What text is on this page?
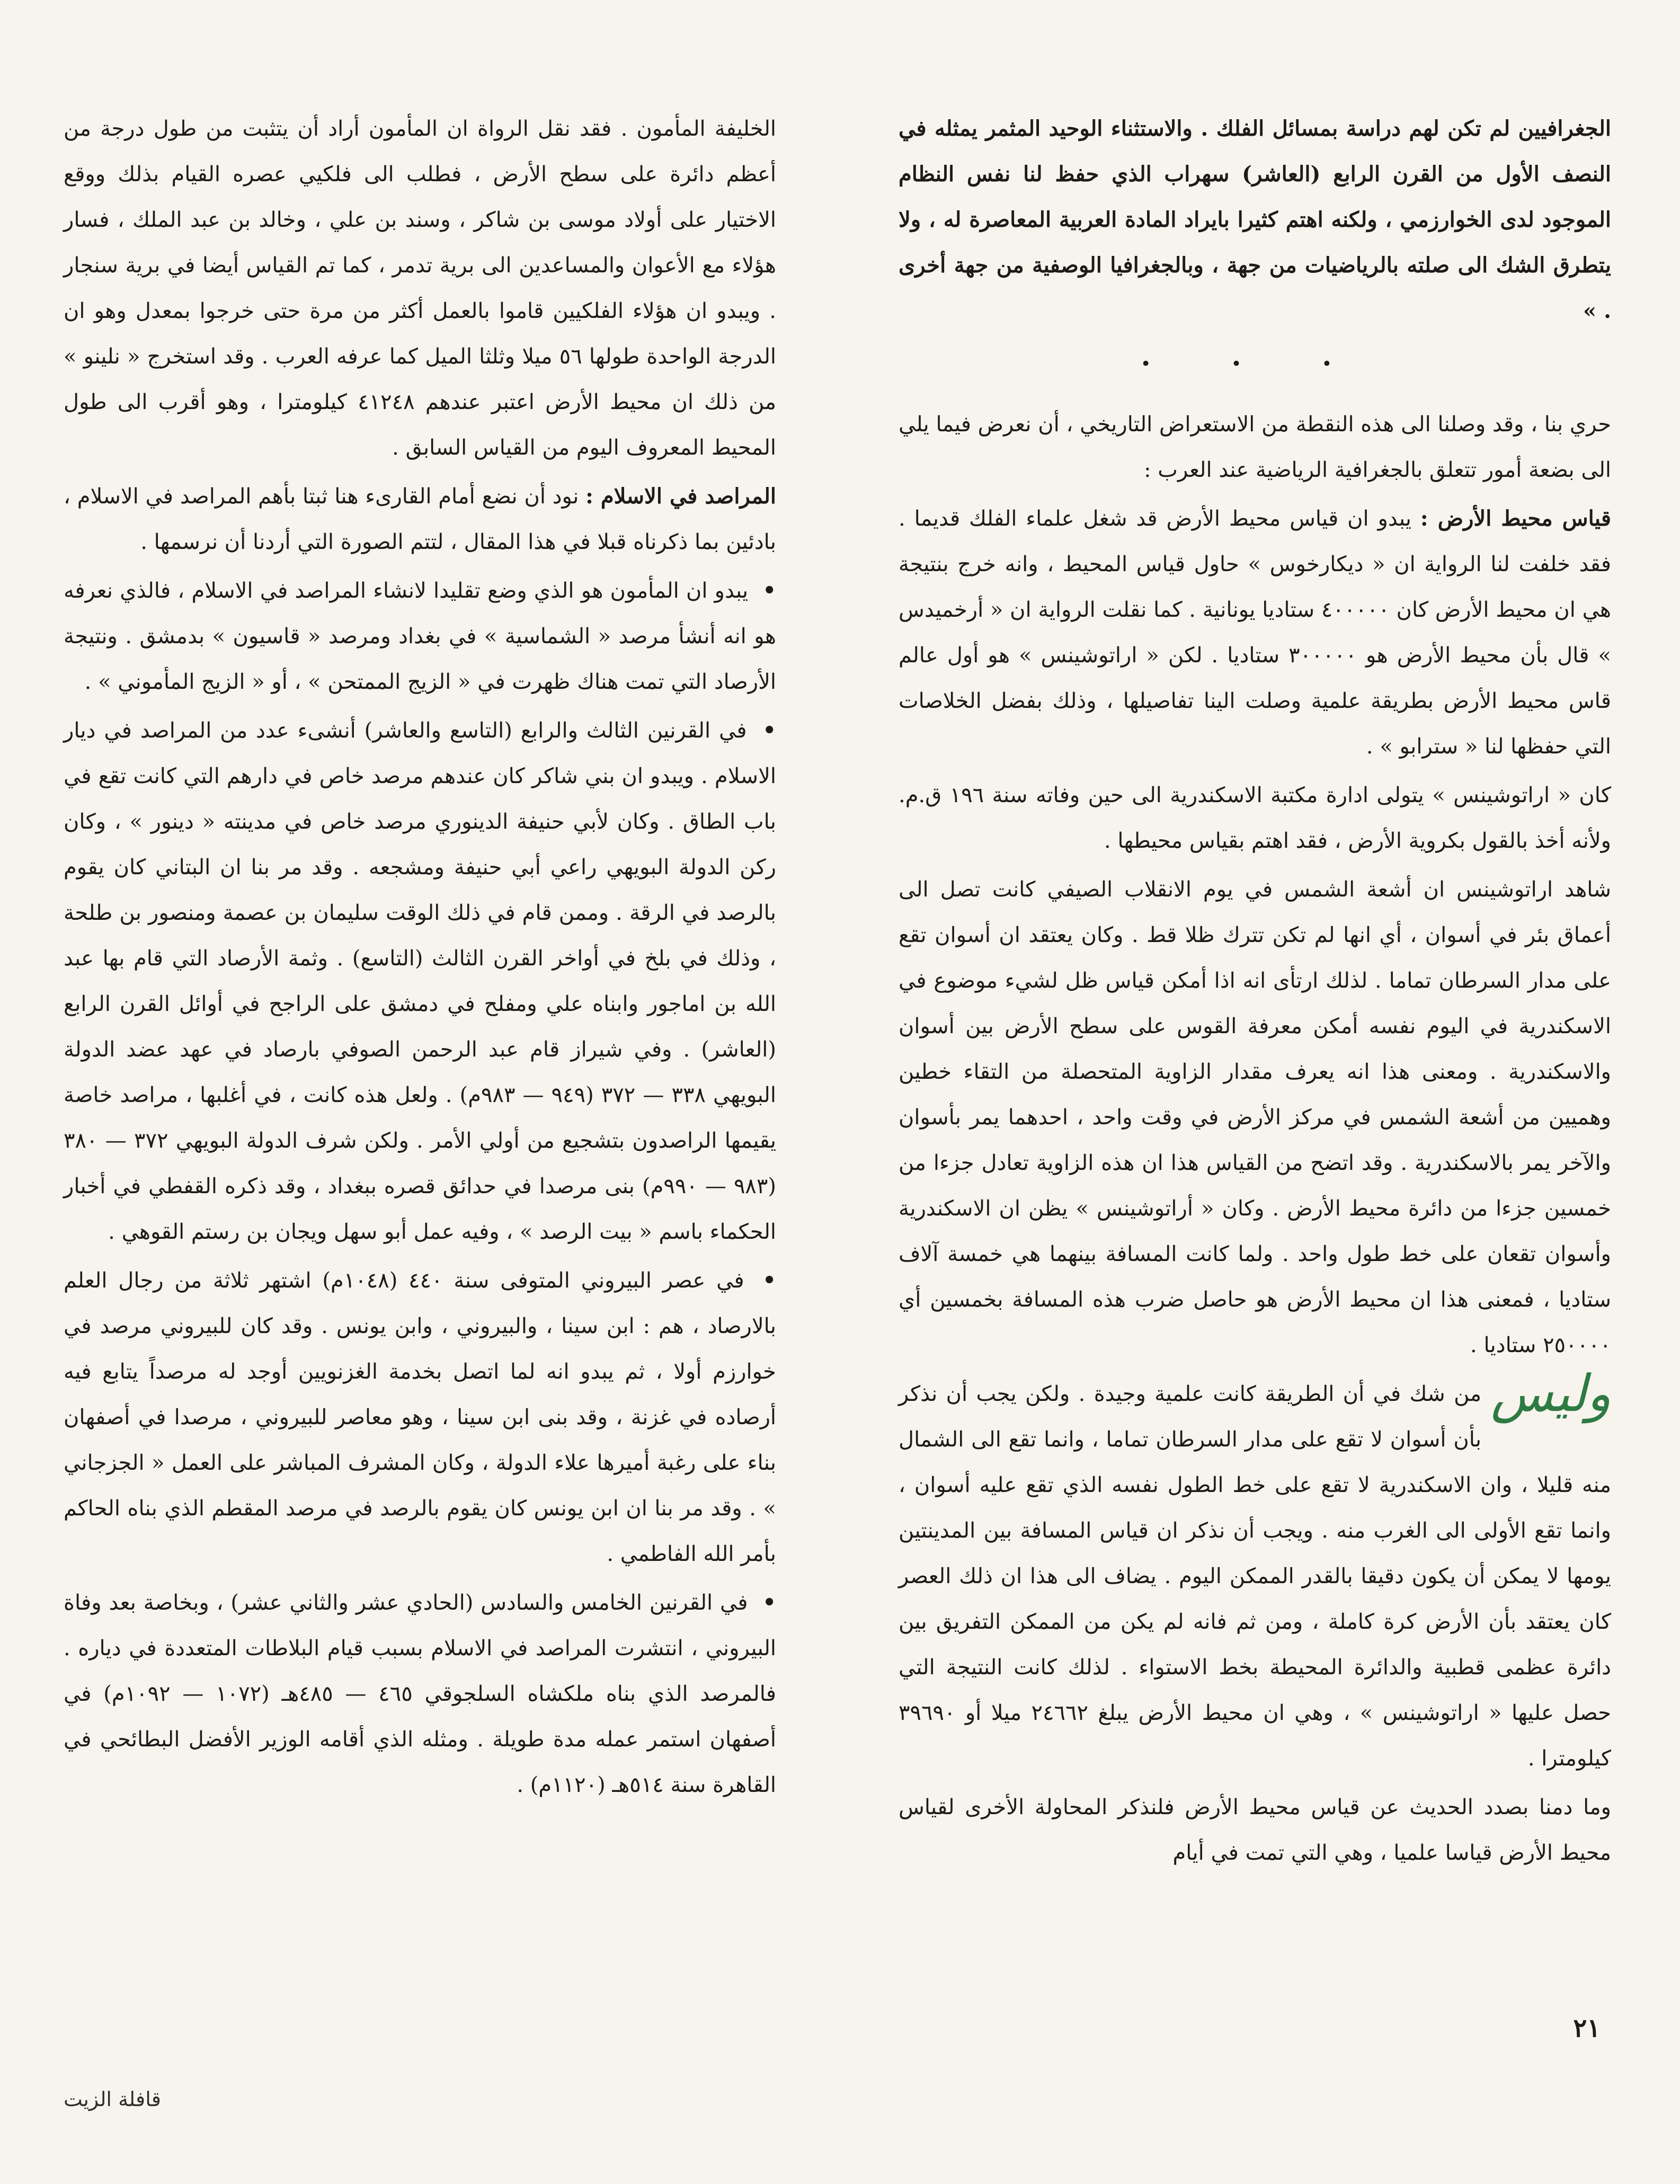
الجغرافيين لم تكن لهم دراسة بمسائل الفلك . والاستثناء الوحيد المثمر يمثله في النصف الأول من القرن الرابع (العاشر) سهراب الذي حفظ لنا نفس النظام الموجود لدى الخوارزمي ، ولكنه اهتم كثيرا بايراد المادة العربية المعاصرة له ، ولا يتطرق الشك الى صلته بالرياضيات من جهة ، وبالجغرافيا الوصفية من جهة أخرى . »

• • •

حري بنا ، وقد وصلنا الى هذه النقطة من الاستعراض التاريخي ، أن نعرض فيما يلي الى بضعة أمور تتعلق بالجغرافية الرياضية عند العرب :

قياس محيط الأرض : يبدو ان قياس محيط الأرض قد شغل علماء الفلك قديما . فقد خلفت لنا الرواية ان « ديكارخوس » حاول قياس المحيط ، وانه خرج بنتيجة هي ان محيط الأرض كان ٤٠٠٠٠٠ ستاديا يونانية . كما نقلت الرواية ان « أرخميدس » قال بأن محيط الأرض هو ٣٠٠٠٠٠ ستاديا . لكن « اراتوشينس » هو أول عالم قاس محيط الأرض بطريقة علمية وصلت الينا تفاصيلها ، وذلك بفضل الخلاصات التي حفظها لنا « سترابو » .

كان « اراتوشينس » يتولى ادارة مكتبة الاسكندرية الى حين وفاته سنة ١٩٦ ق.م. ولأنه أخذ بالقول بكروية الأرض ، فقد اهتم بقياس محيطها .

شاهد اراتوشينس ان أشعة الشمس في يوم الانقلاب الصيفي كانت تصل الى أعماق بئر في أسوان ، أي انها لم تكن تترك ظلا قط . وكان يعتقد ان أسوان تقع على مدار السرطان تماما . لذلك ارتأى انه اذا أمكن قياس ظل لشيء موضوع في الاسكندرية في اليوم نفسه أمكن معرفة القوس على سطح الأرض بين أسوان والاسكندرية . ومعنى هذا انه يعرف مقدار الزاوية المتحصلة من التقاء خطين وهميين من أشعة الشمس في مركز الأرض في وقت واحد ، احدهما يمر بأسوان والآخر يمر بالاسكندرية . وقد اتضح من القياس هذا ان هذه الزاوية تعادل جزءا من خمسين جزءا من دائرة محيط الأرض . وكان « أراتوشينس » يظن ان الاسكندرية وأسوان تقعان على خط طول واحد . ولما كانت المسافة بينهما هي خمسة آلاف ستاديا ، فمعنى هذا ان محيط الأرض هو حاصل ضرب هذه المسافة بخمسين أي ٢٥٠٠٠٠ ستاديا .

وليس
من شك في أن الطريقة كانت علمية وجيدة . ولكن يجب أن نذكر بأن أسوان لا تقع على مدار السرطان تماما ، وانما تقع الى الشمال منه قليلا ، وان الاسكندرية لا تقع على خط الطول نفسه الذي تقع عليه أسوان ، وانما تقع الأولى الى الغرب منه . ويجب أن نذكر ان قياس المسافة بين المدينتين يومها لا يمكن أن يكون دقيقا بالقدر الممكن اليوم . يضاف الى هذا ان ذلك العصر كان يعتقد بأن الأرض كرة كاملة ، ومن ثم فانه لم يكن من الممكن التفريق بين دائرة عظمى قطبية والدائرة المحيطة بخط الاستواء . لذلك كانت النتيجة التي حصل عليها « اراتوشينس » ، وهي ان محيط الأرض يبلغ ٢٤٦٦٢ ميلا أو ٣٩٦٩٠ كيلومترا .

وما دمنا بصدد الحديث عن قياس محيط الأرض فلنذكر المحاولة الأخرى لقياس محيط الأرض قياسا علميا ، وهي التي تمت في أيام

الخليفة المأمون . فقد نقل الرواة ان المأمون أراد أن يتثبت من طول درجة من أعظم دائرة على سطح الأرض ، فطلب الى فلكيي عصره القيام بذلك ووقع الاختيار على أولاد موسى بن شاكر ، وسند بن علي ، وخالد بن عبد الملك ، فسار هؤلاء مع الأعوان والمساعدين الى برية تدمر ، كما تم القياس أيضا في برية سنجار . ويبدو ان هؤلاء الفلكيين قاموا بالعمل أكثر من مرة حتى خرجوا بمعدل وهو ان الدرجة الواحدة طولها ٥٦ ميلا وثلثا الميل كما عرفه العرب . وقد استخرج « نلينو » من ذلك ان محيط الأرض اعتبر عندهم ٤١٢٤٨ كيلومترا ، وهو أقرب الى طول المحيط المعروف اليوم من القياس السابق .

المراصد في الاسلام : نود أن نضع أمام القارىء هنا ثبتا بأهم المراصد في الاسلام ، بادئين بما ذكرناه قبلا في هذا المقال ، لتتم الصورة التي أردنا أن نرسمها .

• يبدو ان المأمون هو الذي وضع تقليدا لانشاء المراصد في الاسلام ، فالذي نعرفه هو انه أنشأ مرصد « الشماسية » في بغداد ومرصد « قاسيون » بدمشق . ونتيجة الأرصاد التي تمت هناك ظهرت في « الزيج الممتحن » ، أو « الزيج المأموني » .

• في القرنين الثالث والرابع (التاسع والعاشر) أنشىء عدد من المراصد في ديار الاسلام . ويبدو ان بني شاكر كان عندهم مرصد خاص في دارهم التي كانت تقع في باب الطاق . وكان لأبي حنيفة الدينوري مرصد خاص في مدينته « دينور » ، وكان ركن الدولة البويهي راعي أبي حنيفة ومشجعه . وقد مر بنا ان البتاني كان يقوم بالرصد في الرقة . وممن قام في ذلك الوقت سليمان بن عصمة ومنصور بن طلحة ، وذلك في بلخ في أواخر القرن الثالث (التاسع) . وثمة الأرصاد التي قام بها عبد الله بن اماجور وابناه علي ومفلح في دمشق على الراجح في أوائل القرن الرابع (العاشر) . وفي شيراز قام عبد الرحمن الصوفي بارصاد في عهد عضد الدولة البويهي ٣٣٨ — ٣٧٢ (٩٤٩ — ٩٨٣م) . ولعل هذه كانت ، في أغلبها ، مراصد خاصة يقيمها الراصدون بتشجيع من أولي الأمر . ولكن شرف الدولة البويهي ٣٧٢ — ٣٨٠ (٩٨٣ — ٩٩٠م) بنى مرصدا في حدائق قصره ببغداد ، وقد ذكره القفطي في أخبار الحكماء باسم « بيت الرصد » ، وفيه عمل أبو سهل ويجان بن رستم القوهي .

• في عصر البيروني المتوفى سنة ٤٤٠ (١٠٤٨م) اشتهر ثلاثة من رجال العلم بالارصاد ، هم : ابن سينا ، والبيروني ، وابن يونس . وقد كان للبيروني مرصد في خوارزم أولا ، ثم يبدو انه لما اتصل بخدمة الغزنويين أوجد له مرصداً يتابع فيه أرصاده في غزنة ، وقد بنى ابن سينا ، وهو معاصر للبيروني ، مرصدا في أصفهان بناء على رغبة أميرها علاء الدولة ، وكان المشرف المباشر على العمل « الجزجاني » . وقد مر بنا ان ابن يونس كان يقوم بالرصد في مرصد المقطم الذي بناه الحاكم بأمر الله الفاطمي .

• في القرنين الخامس والسادس (الحادي عشر والثاني عشر) ، وبخاصة بعد وفاة البيروني ، انتشرت المراصد في الاسلام بسبب قيام البلاطات المتعددة في دياره . فالمرصد الذي بناه ملكشاه السلجوقي ٤٦٥ — ٤٨٥هـ (١٠٧٢ — ١٠٩٢م) في أصفهان استمر عمله مدة طويلة . ومثله الذي أقامه الوزير الأفضل البطائحي في القاهرة سنة ٥١٤هـ (١١٢٠م) .

٢١
قافلة الزيت
